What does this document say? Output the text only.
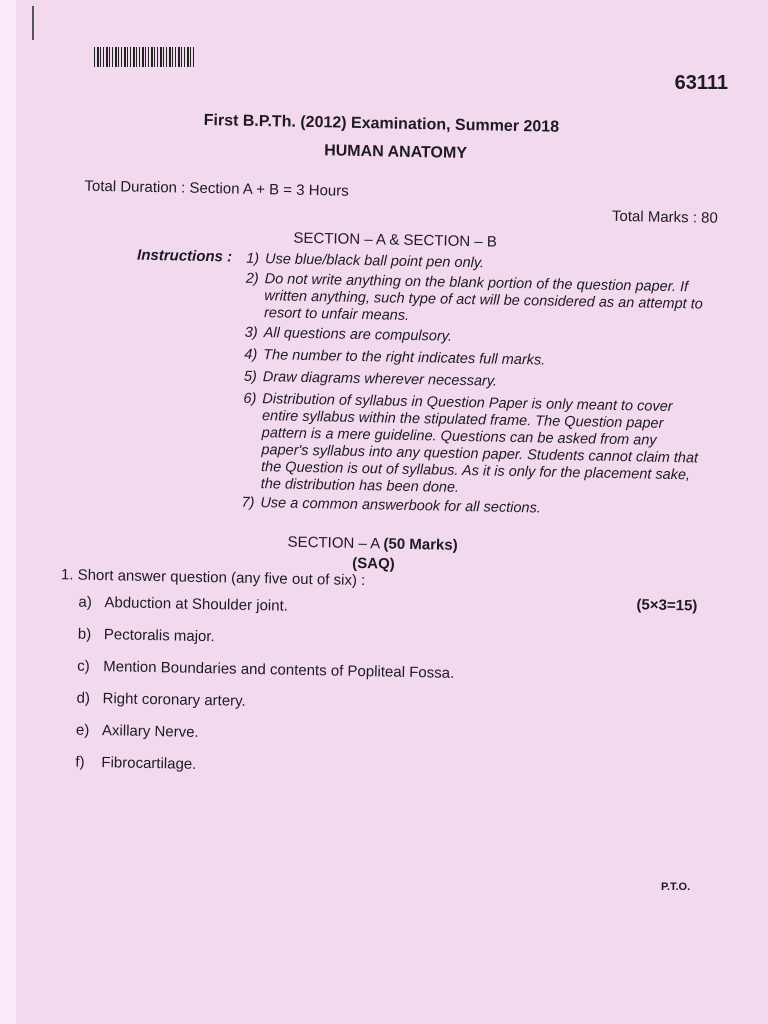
63111
First B.P.Th. (2012) Examination, Summer 2018
HUMAN ANATOMY
Total Duration : Section A + B = 3 Hours
Total Marks : 80
SECTION – A & SECTION – B
Instructions : 1) Use blue/black ball point pen only.
2) Do not write anything on the blank portion of the question paper. If written anything, such type of act will be considered as an attempt to resort to unfair means.
3) All questions are compulsory.
4) The number to the right indicates full marks.
5) Draw diagrams wherever necessary.
6) Distribution of syllabus in Question Paper is only meant to cover entire syllabus within the stipulated frame. The Question paper pattern is a mere guideline. Questions can be asked from any paper's syllabus into any question paper. Students cannot claim that the Question is out of syllabus. As it is only for the placement sake, the distribution has been done.
7) Use a common answerbook for all sections.
SECTION – A (50 Marks)
(SAQ)
1. Short answer question (any five out of six) :
(5×3=15)
a) Abduction at Shoulder joint.
b) Pectoralis major.
c) Mention Boundaries and contents of Popliteal Fossa.
d) Right coronary artery.
e) Axillary Nerve.
f) Fibrocartilage.
P.T.O.
